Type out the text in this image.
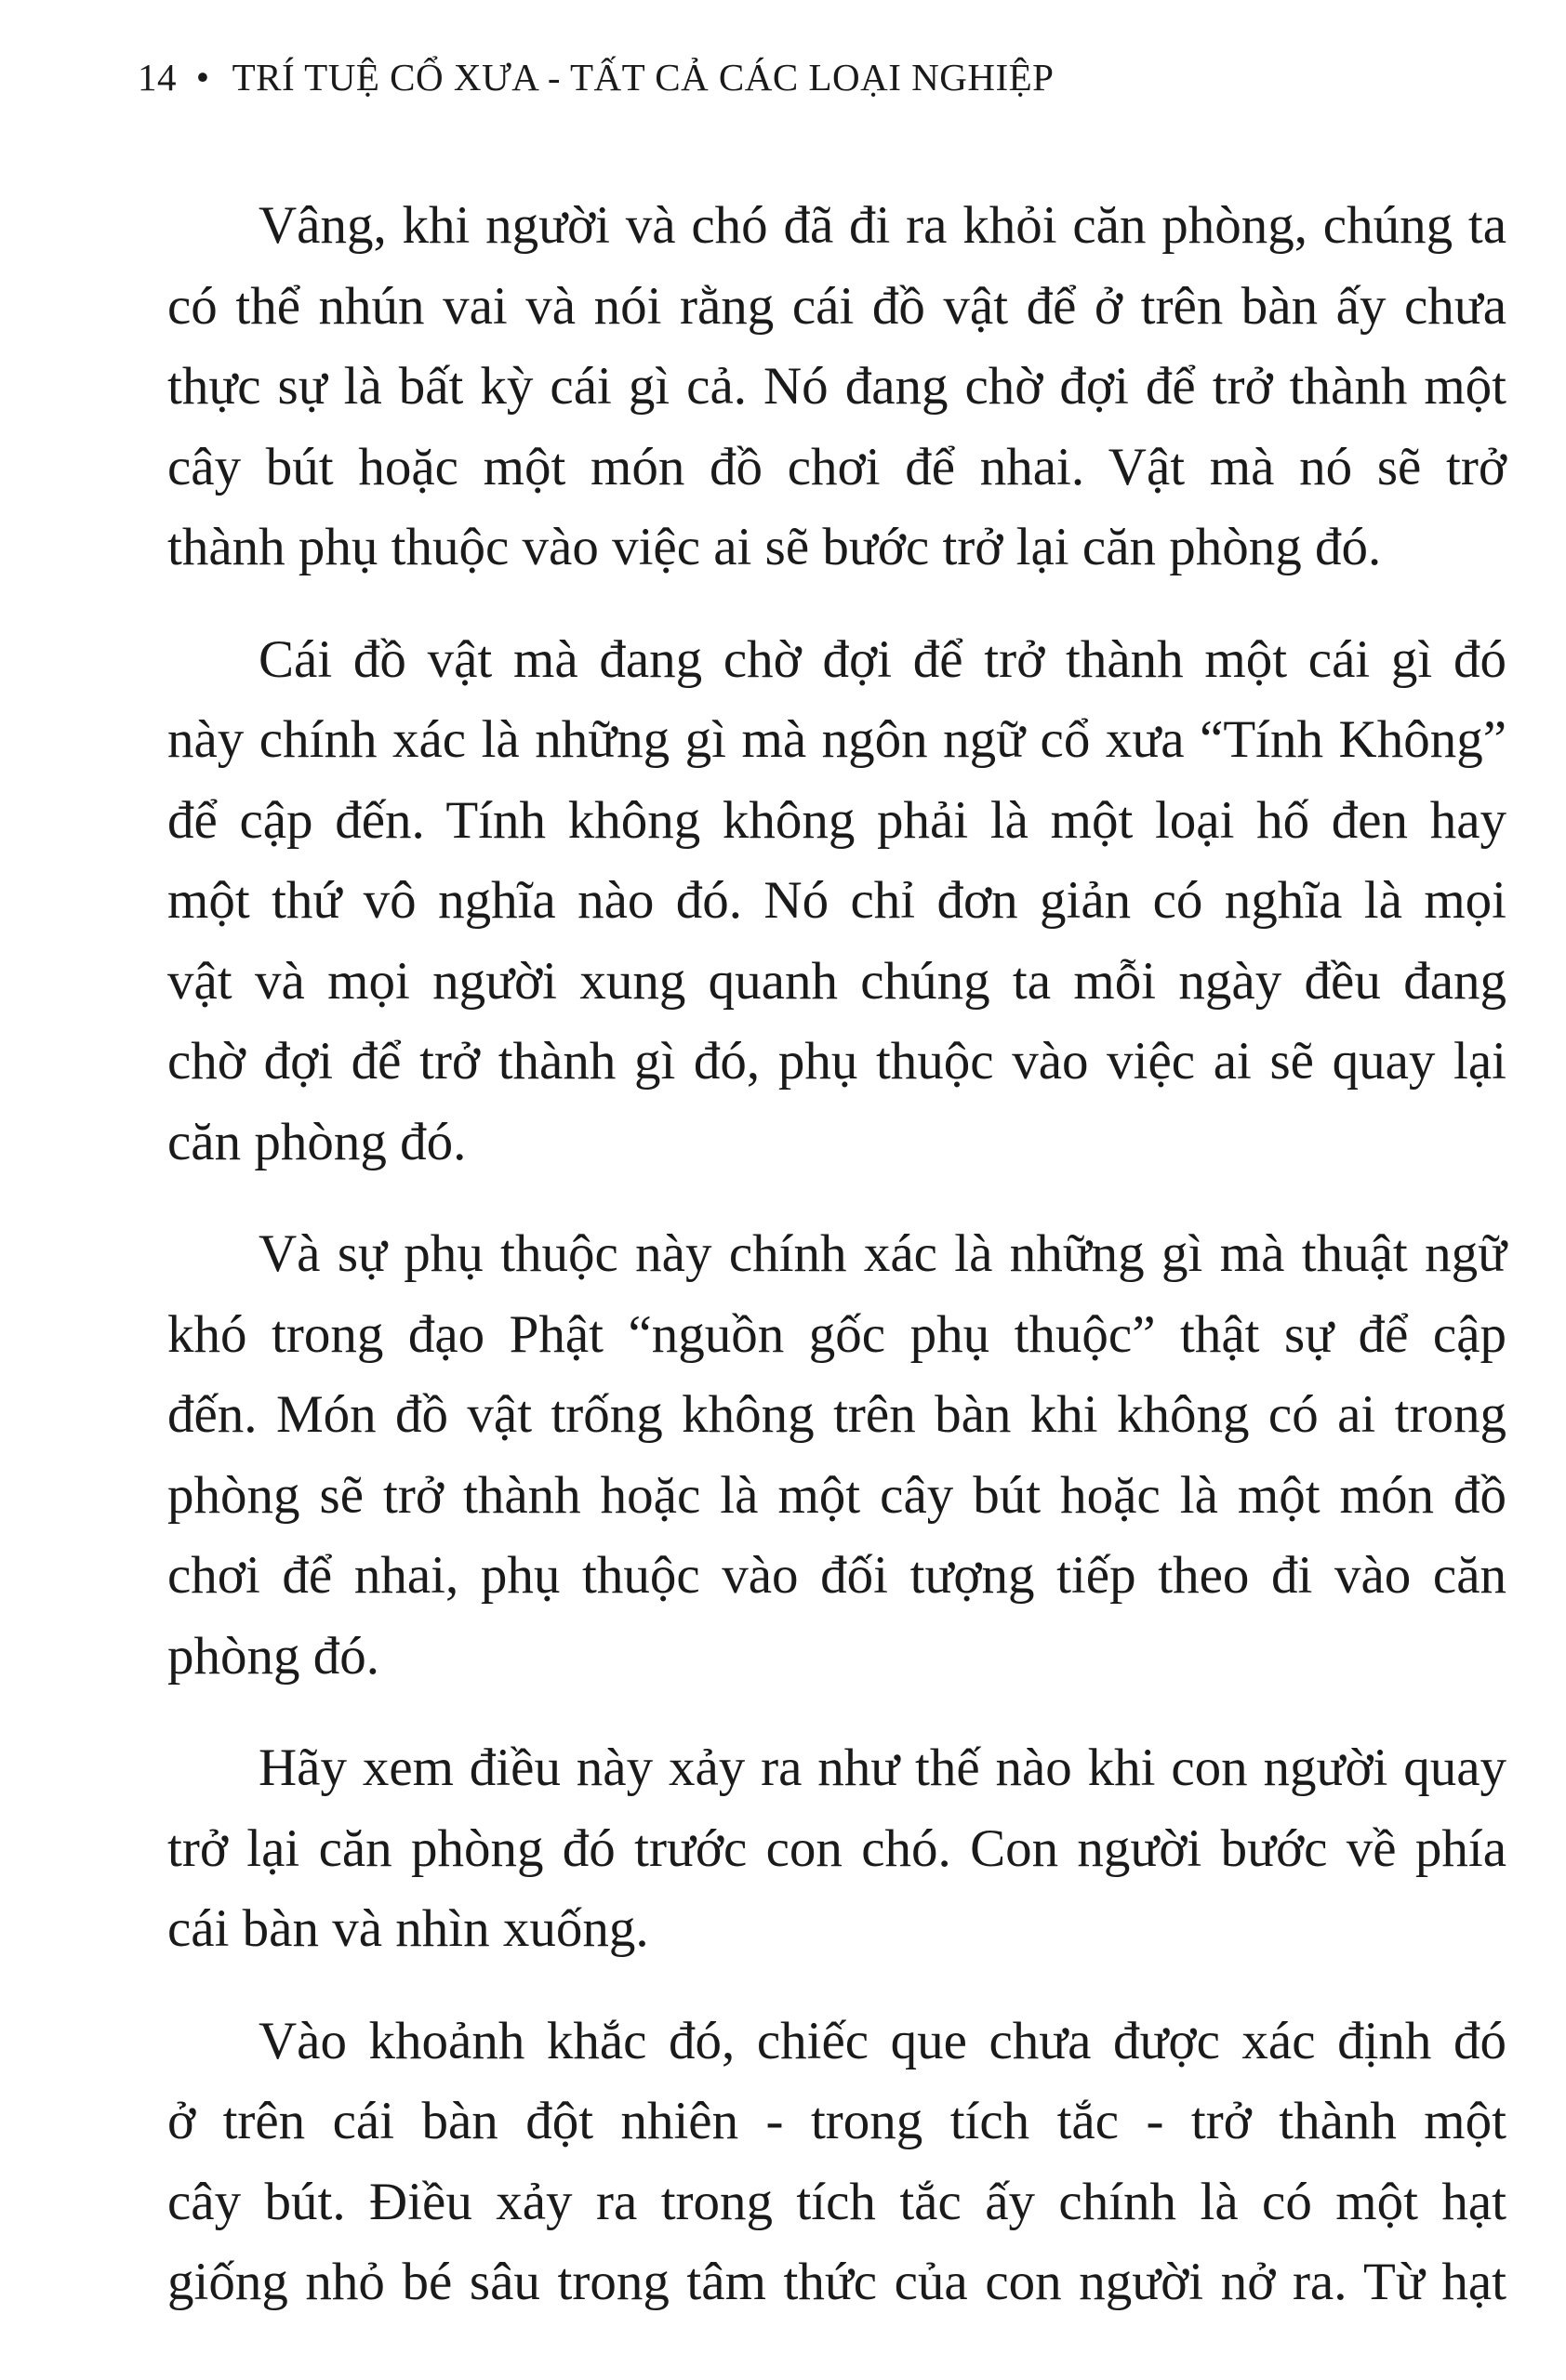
14 • TRÍ TUỆ CỔ XƯA - TẤT CẢ CÁC LOẠI NGHIỆP
Vâng, khi người và chó đã đi ra khỏi căn phòng, chúng ta
có thể nhún vai và nói rằng cái đồ vật để ở trên bàn ấy chưa
thực sự là bất kỳ cái gì cả. Nó đang chờ đợi để trở thành một
cây bút hoặc một món đồ chơi để nhai. Vật mà nó sẽ trở
thành phụ thuộc vào việc ai sẽ bước trở lại căn phòng đó.
Cái đồ vật mà đang chờ đợi để trở thành một cái gì đó
này chính xác là những gì mà ngôn ngữ cổ xưa “Tính Không”
để cập đến. Tính không không phải là một loại hố đen hay
một thứ vô nghĩa nào đó. Nó chỉ đơn giản có nghĩa là mọi
vật và mọi người xung quanh chúng ta mỗi ngày đều đang
chờ đợi để trở thành gì đó, phụ thuộc vào việc ai sẽ quay lại
căn phòng đó.
Và sự phụ thuộc này chính xác là những gì mà thuật ngữ
khó trong đạo Phật “nguồn gốc phụ thuộc” thật sự để cập
đến. Món đồ vật trống không trên bàn khi không có ai trong
phòng sẽ trở thành hoặc là một cây bút hoặc là một món đồ
chơi để nhai, phụ thuộc vào đối tượng tiếp theo đi vào căn
phòng đó.
Hãy xem điều này xảy ra như thế nào khi con người quay
trở lại căn phòng đó trước con chó. Con người bước về phía
cái bàn và nhìn xuống.
Vào khoảnh khắc đó, chiếc que chưa được xác định đó
ở trên cái bàn đột nhiên - trong tích tắc - trở thành một
cây bút. Điều xảy ra trong tích tắc ấy chính là có một hạt
giống nhỏ bé sâu trong tâm thức của con người nở ra. Từ hạt
